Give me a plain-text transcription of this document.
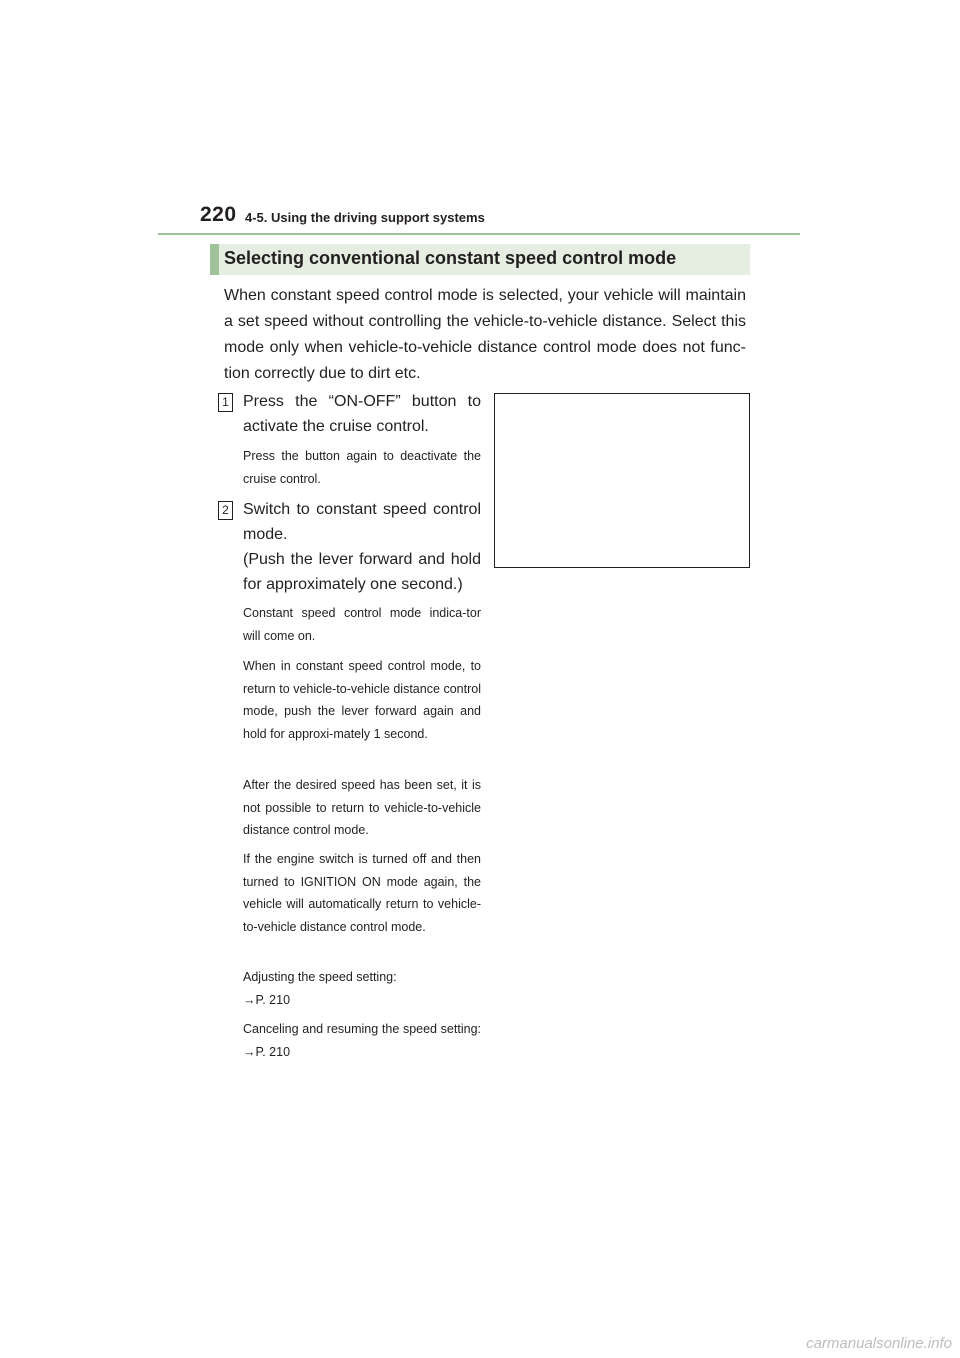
220 4-5. Using the driving support systems
Selecting conventional constant speed control mode
When constant speed control mode is selected, your vehicle will maintain a set speed without controlling the vehicle-to-vehicle distance. Select this mode only when vehicle-to-vehicle distance control mode does not func-tion correctly due to dirt etc.
1 Press the “ON-OFF” button to activate the cruise control.
Press the button again to deactivate the cruise control.
2 Switch to constant speed control mode.
(Push the lever forward and hold for approximately one second.)
Constant speed control mode indica-tor will come on.
When in constant speed control mode, to return to vehicle-to-vehicle distance control mode, push the lever forward again and hold for approxi-mately 1 second.
After the desired speed has been set, it is not possible to return to vehicle-to-vehicle distance control mode.
If the engine switch is turned off and then turned to IGNITION ON mode again, the vehicle will automatically return to vehicle-to-vehicle distance control mode.
Adjusting the speed setting:
→P. 210
Canceling and resuming the speed setting: →P. 210
carmanualsonline.info
